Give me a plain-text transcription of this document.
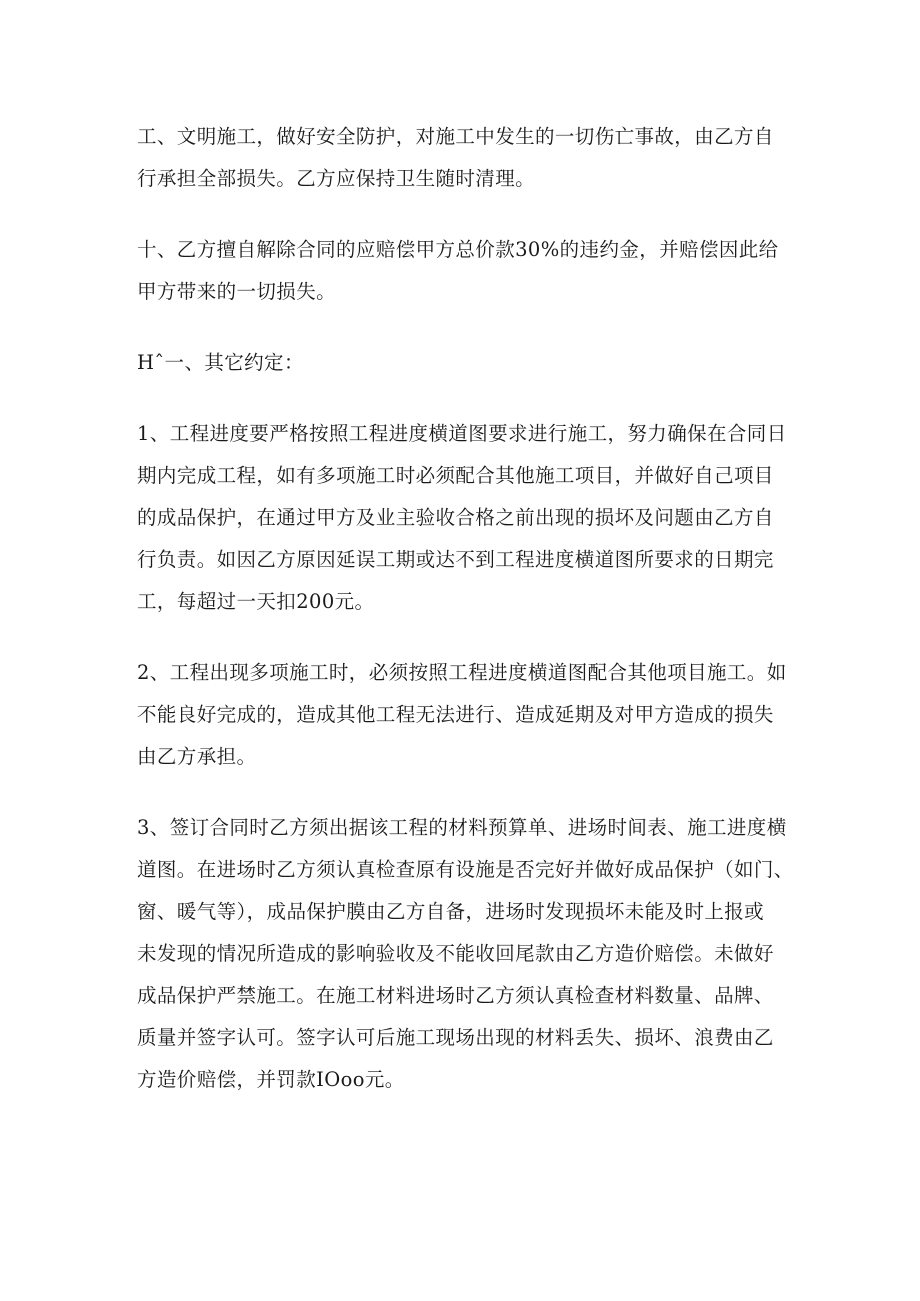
工、文明施工，做好安全防护，对施工中发生的一切伤亡事故，由乙方自
行承担全部损失。乙方应保持卫生随时清理。
十、乙方擅自解除合同的应赔偿甲方总价款30%的违约金，并赔偿因此给
甲方带来的一切损失。
Hˆ一、其它约定：
1、工程进度要严格按照工程进度横道图要求进行施工，努力确保在合同日
期内完成工程，如有多项施工时必须配合其他施工项目，并做好自己项目
的成品保护，在通过甲方及业主验收合格之前出现的损坏及问题由乙方自
行负责。如因乙方原因延误工期或达不到工程进度横道图所要求的日期完
工，每超过一天扣200元。
2、工程出现多项施工时，必须按照工程进度横道图配合其他项目施工。如
不能良好完成的，造成其他工程无法进行、造成延期及对甲方造成的损失
由乙方承担。
3、签订合同时乙方须出据该工程的材料预算单、进场时间表、施工进度横
道图。在进场时乙方须认真检查原有设施是否完好并做好成品保护（如门、
窗、暖气等），成品保护膜由乙方自备，进场时发现损坏未能及时上报或
未发现的情况所造成的影响验收及不能收回尾款由乙方造价赔偿。未做好
成品保护严禁施工。在施工材料进场时乙方须认真检查材料数量、品牌、
质量并签字认可。签字认可后施工现场出现的材料丢失、损坏、浪费由乙
方造价赔偿，并罚款IOoo元。
